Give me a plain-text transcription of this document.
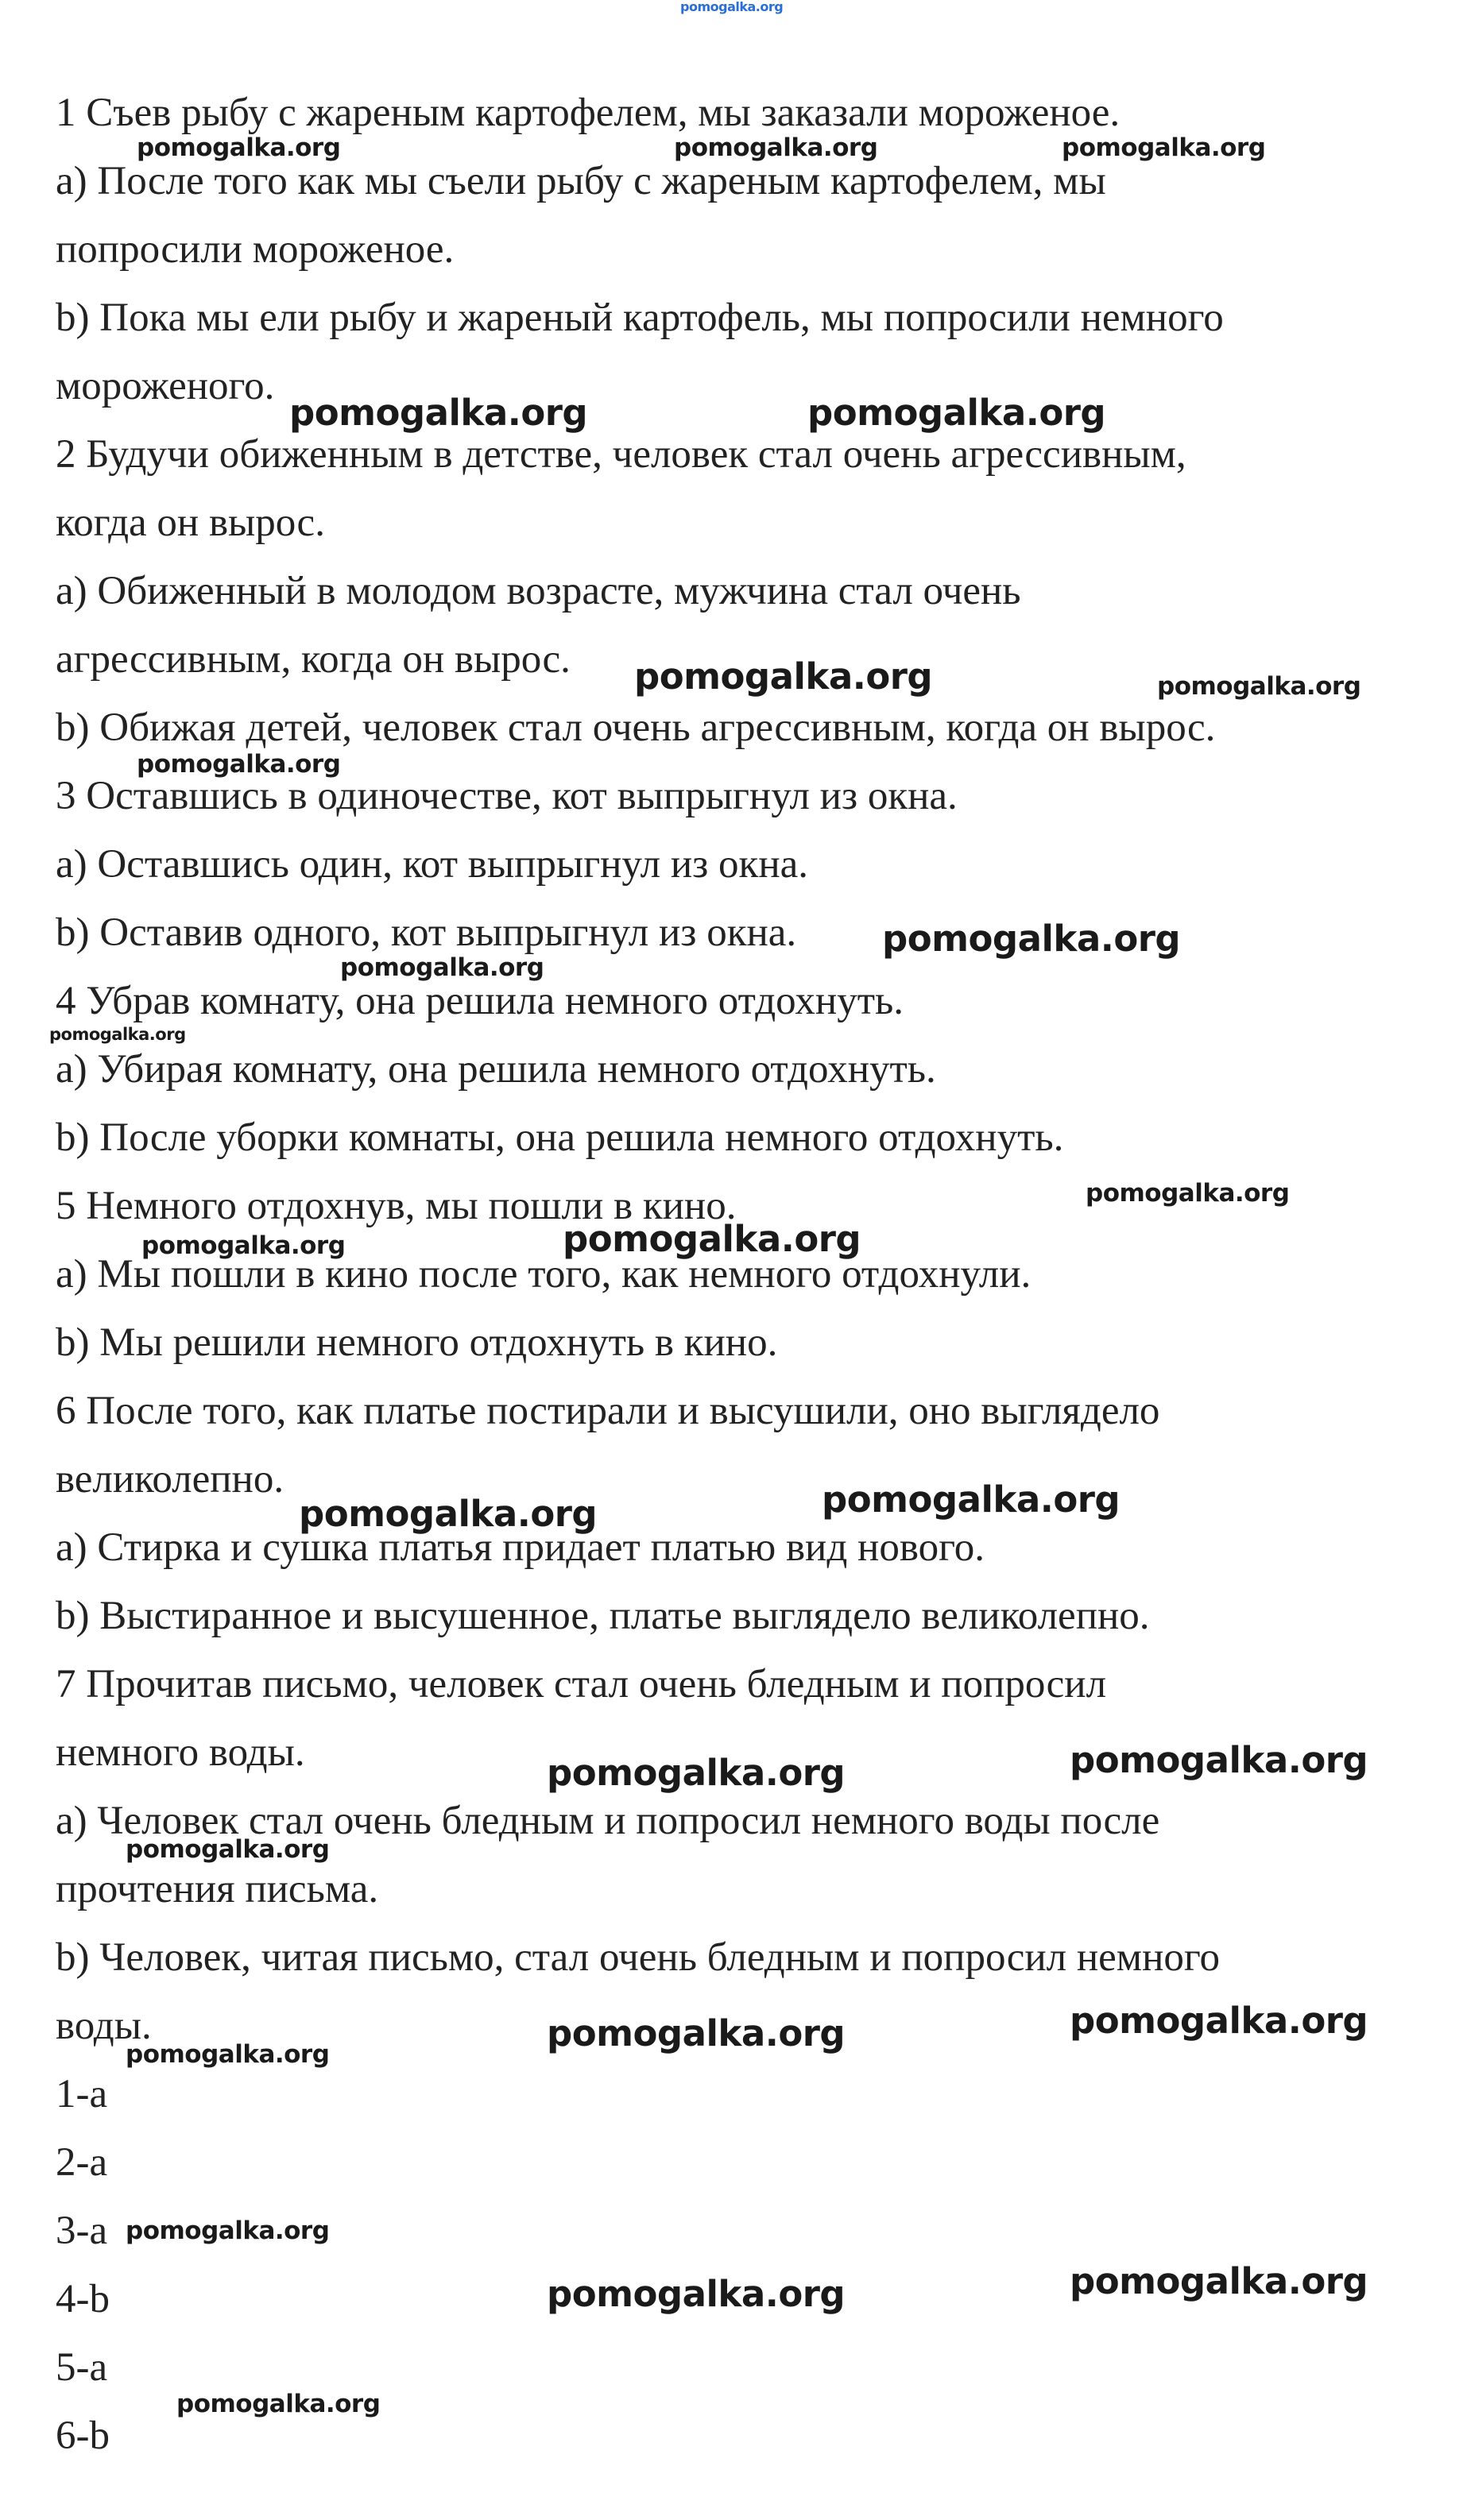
1 Съев рыбу с жареным картофелем, мы заказали мороженое.

a) После того как мы съели рыбу с жареным картофелем, мы

попросили мороженое.

b) Пока мы ели рыбу и жареный картофель, мы попросили немного

мороженого.

2 Будучи обиженным в детстве, человек стал очень агрессивным,

когда он вырос.

a) Обиженный в молодом возрасте, мужчина стал очень

агрессивным, когда он вырос.

b) Обижая детей, человек стал очень агрессивным, когда он вырос.

3 Оставшись в одиночестве, кот выпрыгнул из окна.

a) Оставшись один, кот выпрыгнул из окна.

b) Оставив одного, кот выпрыгнул из окна.

4 Убрав комнату, она решила немного отдохнуть.

a) Убирая комнату, она решила немного отдохнуть.

b) После уборки комнаты, она решила немного отдохнуть.

5 Немного отдохнув, мы пошли в кино.

a) Мы пошли в кино после того, как немного отдохнули.

b) Мы решили немного отдохнуть в кино.

6 После того, как платье постирали и высушили, оно выглядело

великолепно.

a) Стирка и сушка платья придает платью вид нового.

b) Выстиранное и высушенное, платье выглядело великолепно.

7 Прочитав письмо, человек стал очень бледным и попросил

немного воды.

a) Человек стал очень бледным и попросил немного воды после

прочтения письма.

b) Человек, читая письмо, стал очень бледным и попросил немного

воды.

1-a

2-a

3-a

4-b

5-a

6-b

pomogalka.org

pomogalka.org	pomogalka.org	pomogalka.org

pomogalka.org	pomogalka.org

pomogalka.org	pomogalka.org

pomogalka.org

pomogalka.org

pomogalka.org

pomogalka.org

pomogalka.org

pomogalka.org

pomogalka.org

pomogalka.org	pomogalka.org

pomogalka.org	pomogalka.org

pomogalka.org

pomogalka.org	pomogalka.org

pomogalka.org

pomogalka.org

pomogalka.org	pomogalka.org

pomogalka.org
